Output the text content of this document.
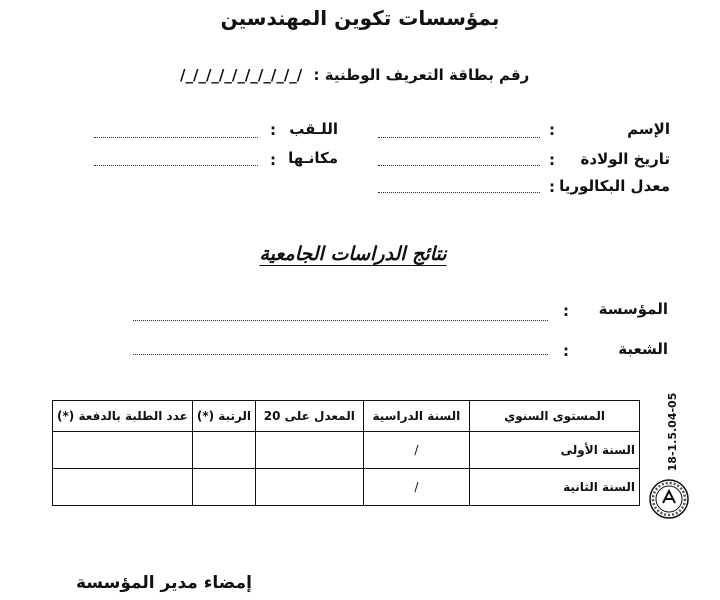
بمؤسسات تكوين المهندسين
/_/_/_/_/_/_/_/_/_/ رقم بطاقة التعريف الوطنية :
الإسم
:
تاريخ الولادة
:
معدل البكالوريا
:
اللـقب
:
مكانـها
:
نتائج الدراسات الجامعية
المؤسسة
:
الشعبة
:
المستوى السنوي	السنة الدراسية	المعدل على 20	الرتبة (*)	عدد الطلبة بالدفعة (*)
السنة الأولى	/			
السنة الثانية	/			
18-1.5.04-05
إمضاء مدير المؤسسة
